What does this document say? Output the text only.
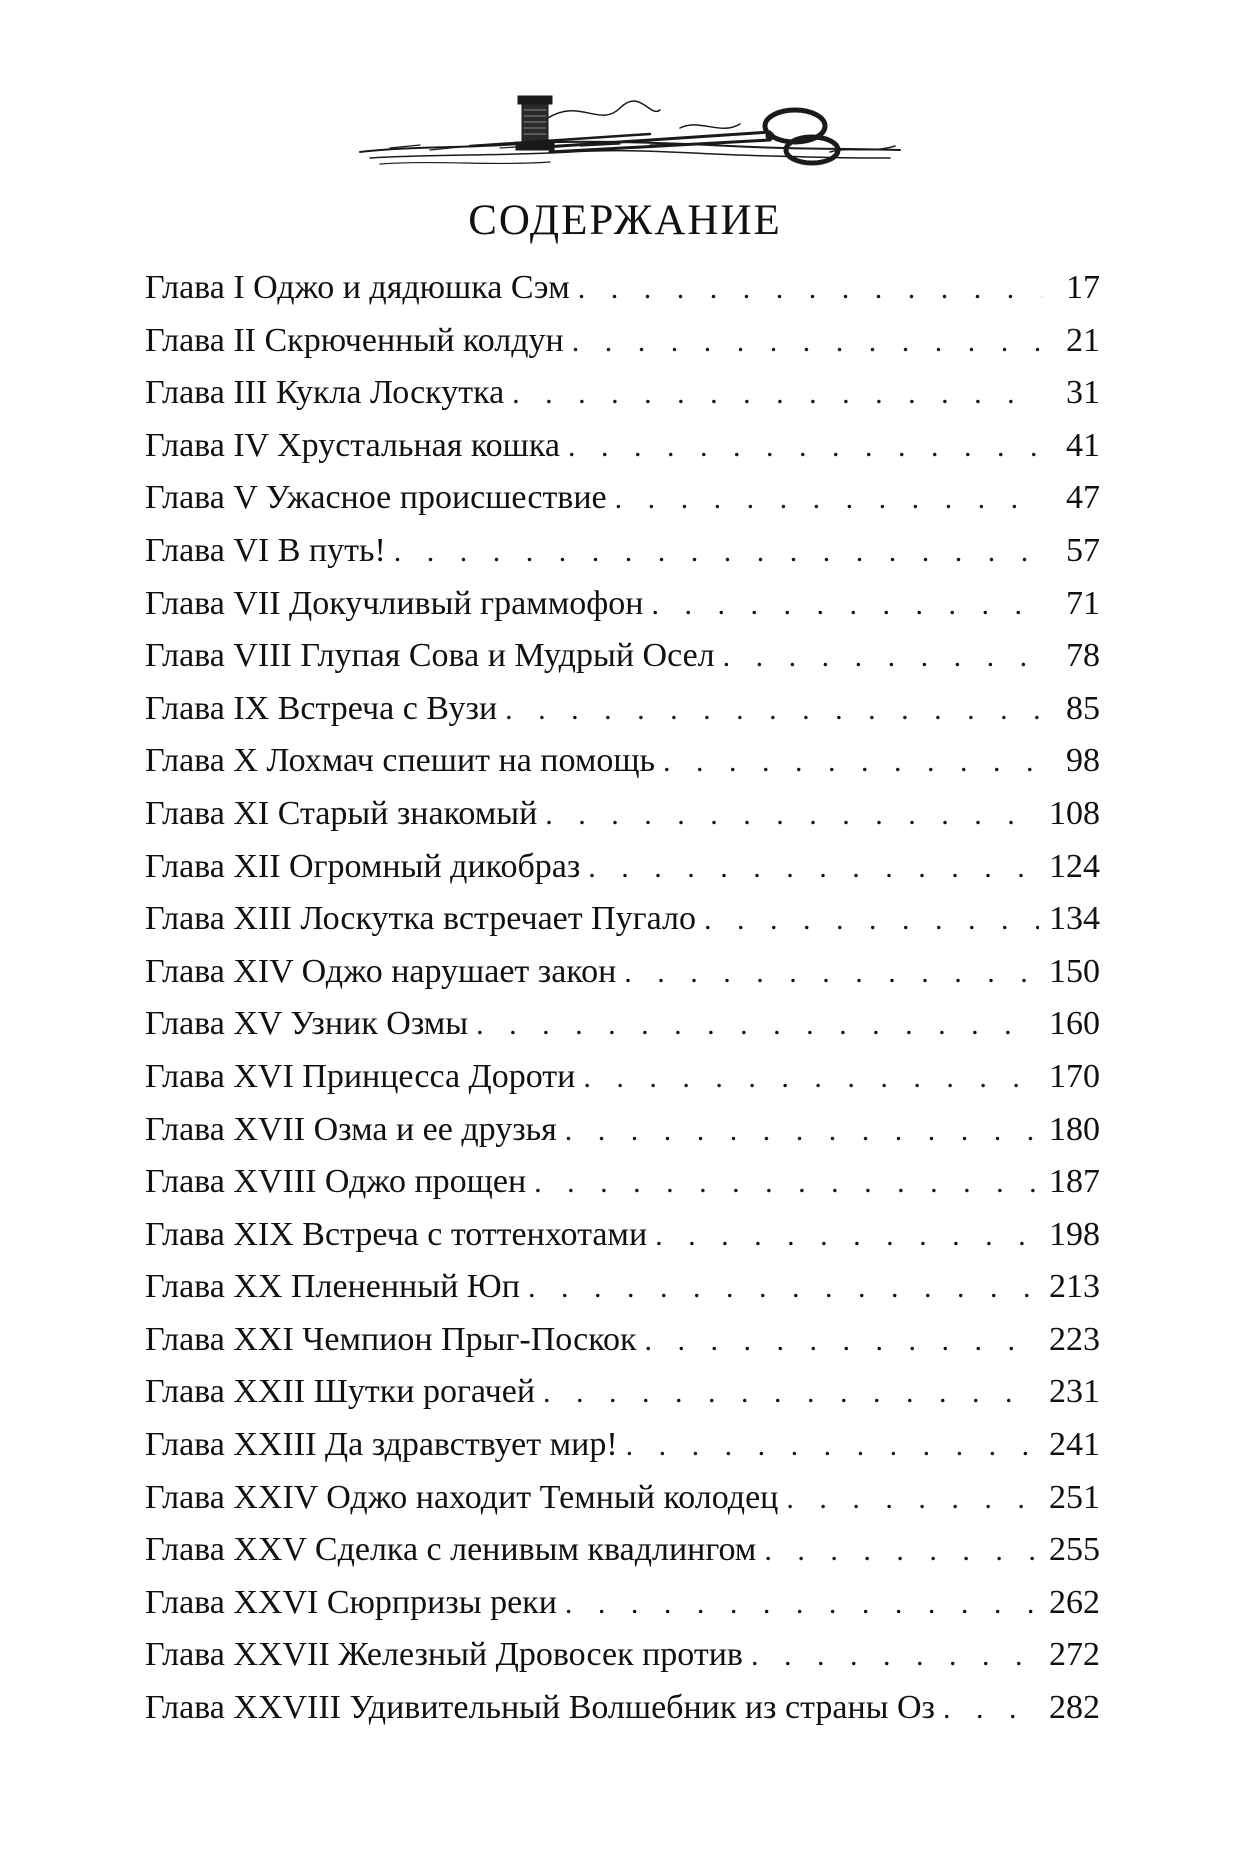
СОДЕРЖАНИЕ
Глава I Оджо и дядюшка Сэм . . .	17
Глава II Скрюченный колдун . . .	21
Глава III Кукла Лоскутка . . .	31
Глава IV Хрустальная кошка . . .	41
Глава V Ужасное происшествие . . .	47
Глава VI В путь! . . .	57
Глава VII Докучливый граммофон . . .	71
Глава VIII Глупая Сова и Мудрый Осел . . .	78
Глава IX Встреча с Вузи . . .	85
Глава X Лохмач спешит на помощь . . .	98
Глава XI Старый знакомый . . .	108
Глава XII Огромный дикобраз . . .	124
Глава XIII Лоскутка встречает Пугало . . .	134
Глава XIV Оджо нарушает закон . . .	150
Глава XV Узник Озмы . . .	160
Глава XVI Принцесса Дороти . . .	170
Глава XVII Озма и ее друзья . . .	180
Глава XVIII Оджо прощен . . .	187
Глава XIX Встреча с тоттенхотами . . .	198
Глава XX Плененный Юп . . .	213
Глава XXI Чемпион Прыг-Поскок . . .	223
Глава XXII Шутки рогачей . . .	231
Глава XXIII Да здравствует мир! . . .	241
Глава XXIV Оджо находит Темный колодец . . .	251
Глава XXV Сделка с ленивым квадлингом . . .	255
Глава XXVI Сюрпризы реки . . .	262
Глава XXVII Железный Дровосек против . . .	272
Глава XXVIII Удивительный Волшебник из страны Оз . . .	282
